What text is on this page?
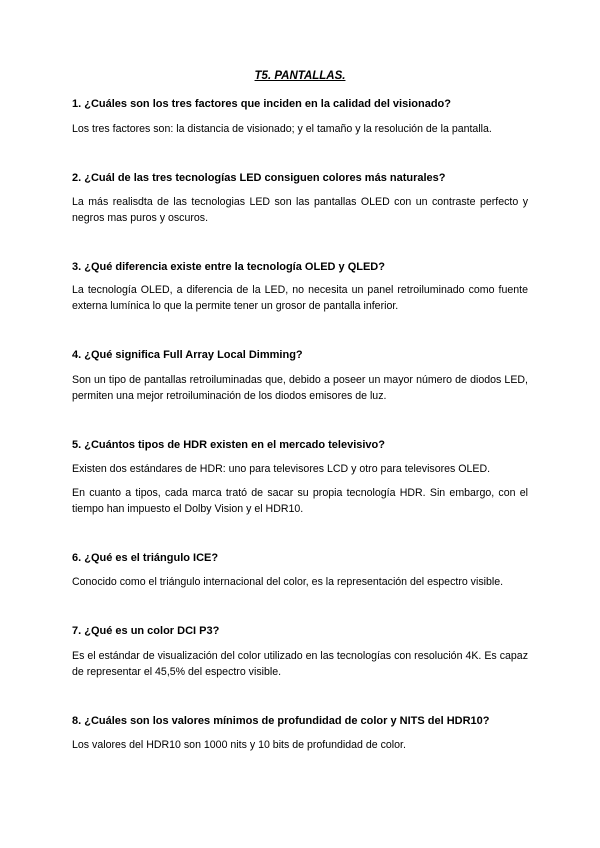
T5. PANTALLAS.
1. ¿Cuáles son los tres factores que inciden en la calidad del visionado?
Los tres factores son: la distancia de visionado; y el tamaño y la resolución de la pantalla.
2. ¿Cuál de las tres tecnologías LED consiguen colores más naturales?
La más realisdta de las tecnologias LED son las pantallas OLED con un contraste perfecto y negros mas puros y oscuros.
3. ¿Qué diferencia existe entre la tecnología OLED y QLED?
La tecnología OLED, a diferencia de la LED, no necesita un panel retroiluminado como fuente externa lumínica lo que la permite tener un grosor de pantalla inferior.
4. ¿Qué significa Full Array Local Dimming?
Son un tipo de pantallas retroiluminadas que, debido a poseer un mayor número de diodos LED, permiten una mejor retroiluminación de los diodos emisores de luz.
5. ¿Cuántos tipos de HDR existen en el mercado televisivo?
Existen dos estándares de HDR: uno para televisores LCD y otro para televisores OLED.
En cuanto a tipos, cada marca trató de sacar su propia tecnología HDR. Sin embargo, con el tiempo han impuesto el Dolby Vision y el HDR10.
6. ¿Qué es el triángulo ICE?
Conocido como el triángulo internacional del color, es la representación del espectro visible.
7. ¿Qué es un color DCI P3?
Es el estándar de visualización del color utilizado en las tecnologías con resolución 4K. Es capaz de representar el 45,5% del espectro visible.
8. ¿Cuáles son los valores mínimos de profundidad de color y NITS del HDR10?
Los valores del HDR10 son 1000 nits y 10 bits de profundidad de color.
